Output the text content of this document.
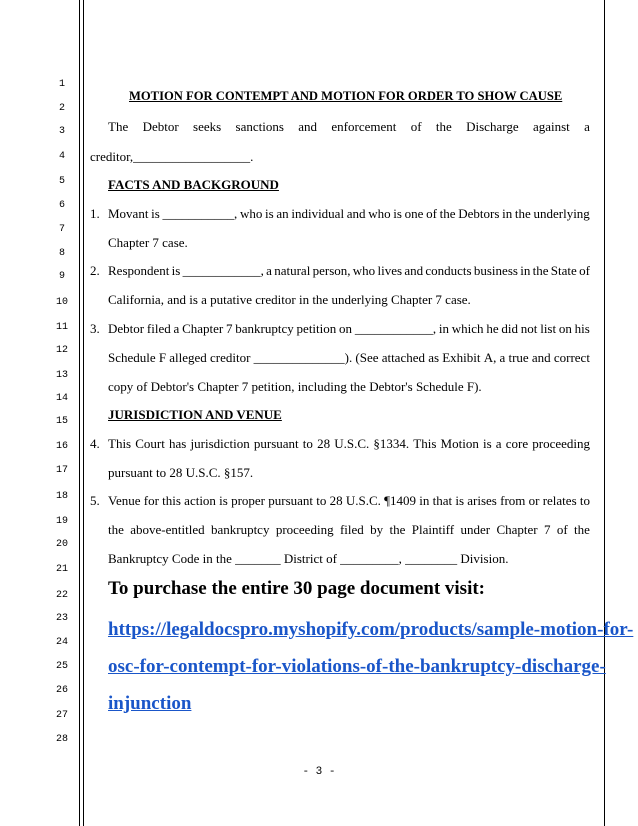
1
2
3
4
5
6
7
8
9
10
11
12
13
14
15
16
17
18
19
20
21
22
23
24
25
26
27
28
MOTION FOR CONTEMPT AND MOTION FOR ORDER TO SHOW CAUSE
The Debtor seeks sanctions and enforcement of the Discharge against a
creditor,__________________.
FACTS AND BACKGROUND
1. Movant is ___________, who is an individual and who is one of the Debtors in the underlying
Chapter 7 case.
2. Respondent is ____________, a natural person, who lives and conducts business in the State of
California, and is a putative creditor in the underlying Chapter 7 case.
3. Debtor filed a Chapter 7 bankruptcy petition on ____________, in which he did not list on his
Schedule F alleged creditor ______________). (See attached as Exhibit A, a true and correct
copy of Debtor's Chapter 7 petition, including the Debtor's Schedule F).
JURISDICTION AND VENUE
4. This Court has jurisdiction pursuant to 28 U.S.C. §1334. This Motion is a core proceeding
pursuant to 28 U.S.C. §157.
5. Venue for this action is proper pursuant to 28 U.S.C. ¶1409 in that is arises from or relates to
the above-entitled bankruptcy proceeding filed by the Plaintiff under Chapter 7 of the
Bankruptcy Code in the _______ District of _________, ________ Division.
To purchase the entire 30 page document visit:
https://legaldocspro.myshopify.com/products/sample-motion-for-
osc-for-contempt-for-violations-of-the-bankruptcy-discharge-
injunction
- 3 -
